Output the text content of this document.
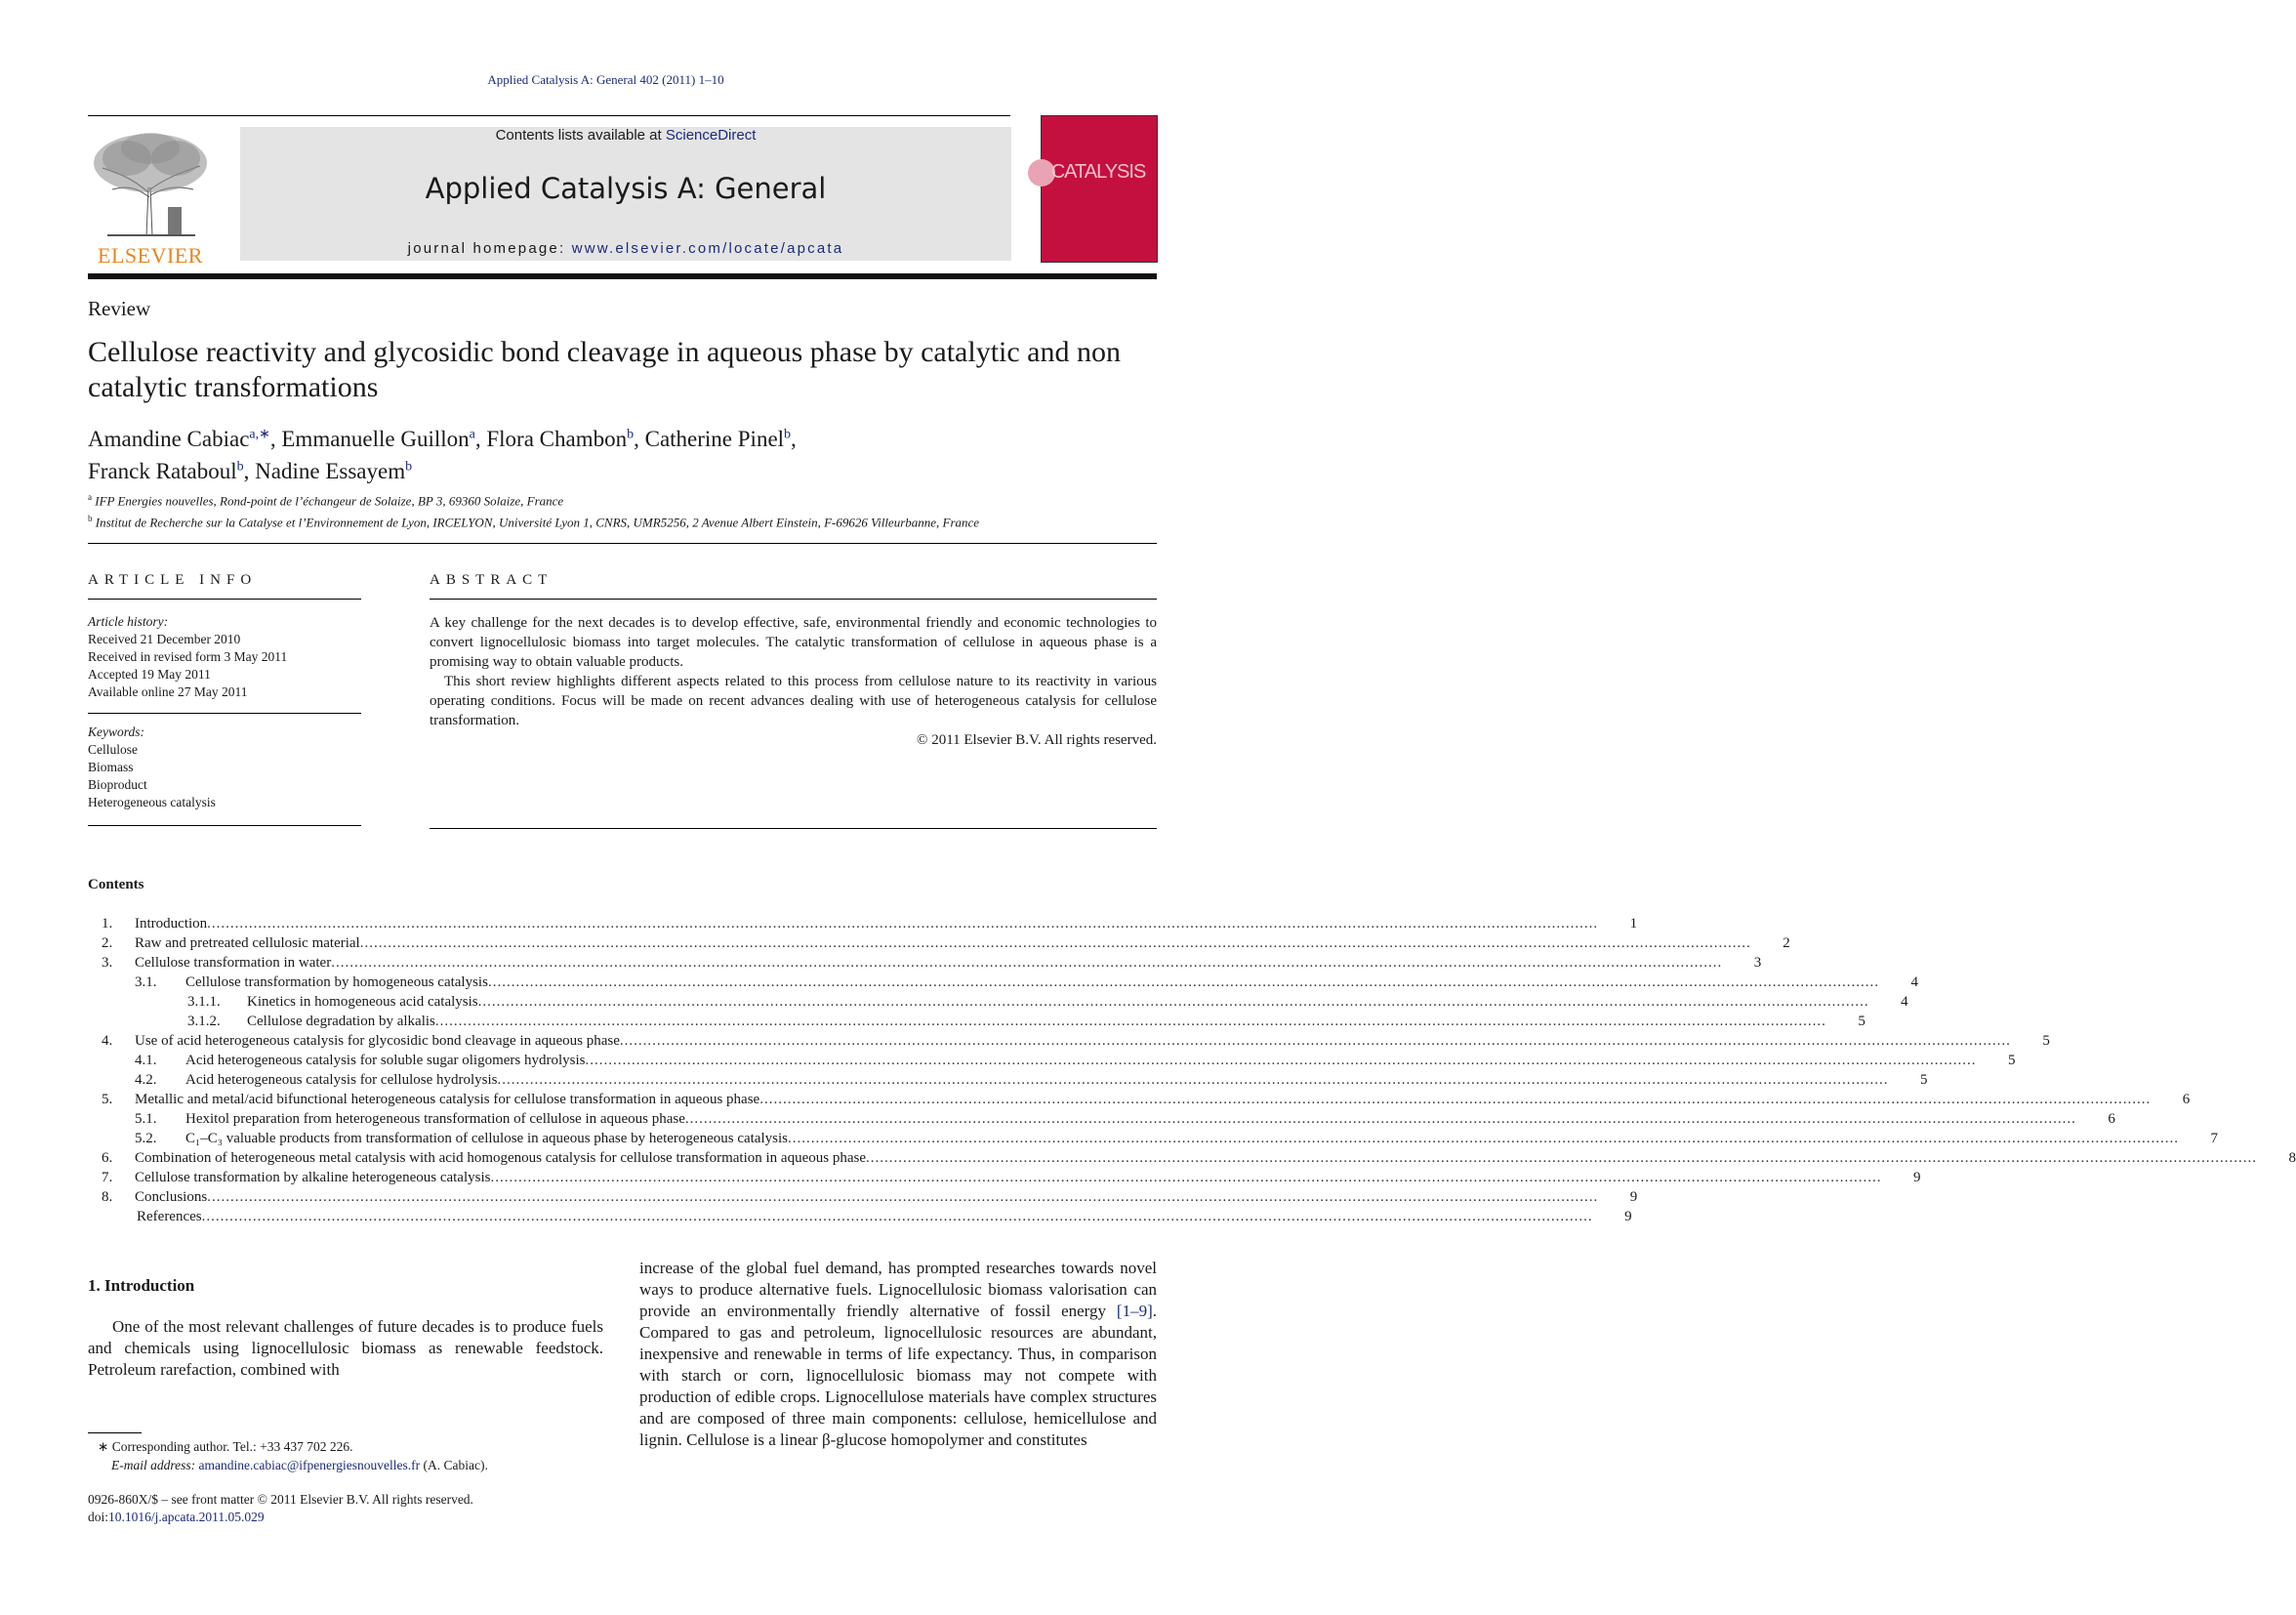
Applied Catalysis A: General 402 (2011) 1–10
ELSEVIER
Contents lists available at ScienceDirect
Applied Catalysis A: General
journal homepage: www.elsevier.com/locate/apcata
CATALYSIS
Review
Cellulose reactivity and glycosidic bond cleavage in aqueous phase by catalytic and non catalytic transformations
Amandine Cabiac$^{a,∗}$, Emmanuelle Guillon$^a$, Flora Chambon$^b$, Catherine Pinel$^b$,
Franck Rataboul$^b$, Nadine Essayem$^b$
$^a$ IFP Energies nouvelles, Rond-point de l’échangeur de Solaize, BP 3, 69360 Solaize, France
$^b$ Institut de Recherche sur la Catalyse et l’Environnement de Lyon, IRCELYON, Université Lyon 1, CNRS, UMR5256, 2 Avenue Albert Einstein, F-69626 Villeurbanne, France
ARTICLE INFO	ABSTRACT
Article history:
Received 21 December 2010
Received in revised form 3 May 2011
Accepted 19 May 2011
Available online 27 May 2011
Keywords:
Cellulose
Biomass
Bioproduct
Heterogeneous catalysis

A key challenge for the next decades is to develop effective, safe, environmental friendly and economic technologies to convert lignocellulosic biomass into target molecules. The catalytic transformation of cellulose in aqueous phase is a promising way to obtain valuable products.

This short review highlights different aspects related to this process from cellulose nature to its reactivity in various operating conditions. Focus will be made on recent advances dealing with use of heterogeneous catalysis for cellulose transformation.

© 2011 Elsevier B.V. All rights reserved.

Contents
1.	Introduction ............................................................................................................................................................................................................................................................................................................	1
2.	Raw and pretreated cellulosic material ............................................................................................................................................................................................................................................................................................................	2
3.	Cellulose transformation in water ............................................................................................................................................................................................................................................................................................................	3
3.1.	Cellulose transformation by homogeneous catalysis ............................................................................................................................................................................................................................................................................................................	4
3.1.1.	Kinetics in homogeneous acid catalysis ............................................................................................................................................................................................................................................................................................................	4
3.1.2.	Cellulose degradation by alkalis ............................................................................................................................................................................................................................................................................................................	5
4.	Use of acid heterogeneous catalysis for glycosidic bond cleavage in aqueous phase ............................................................................................................................................................................................................................................................................................................	5
4.1.	Acid heterogeneous catalysis for soluble sugar oligomers hydrolysis ............................................................................................................................................................................................................................................................................................................	5
4.2.	Acid heterogeneous catalysis for cellulose hydrolysis ............................................................................................................................................................................................................................................................................................................	5
5.	Metallic and metal/acid bifunctional heterogeneous catalysis for cellulose transformation in aqueous phase ............................................................................................................................................................................................................................................................................................................	6
5.1.	Hexitol preparation from heterogeneous transformation of cellulose in aqueous phase ............................................................................................................................................................................................................................................................................................................	6
5.2.	C₁–C₃ valuable products from transformation of cellulose in aqueous phase by heterogeneous catalysis ............................................................................................................................................................................................................................................................................................................	7
6.	Combination of heterogeneous metal catalysis with acid homogenous catalysis for cellulose transformation in aqueous phase ............................................................................................................................................................................................................................................................................................................	8
7.	Cellulose transformation by alkaline heterogeneous catalysis ............................................................................................................................................................................................................................................................................................................	9
8.	Conclusions ............................................................................................................................................................................................................................................................................................................	9
References ............................................................................................................................................................................................................................................................................................................	9
1. Introduction

One of the most relevant challenges of future decades is to produce fuels and chemicals using lignocellulosic biomass as renewable feedstock. Petroleum rarefaction, combined with

increase of the global fuel demand, has prompted researches towards novel ways to produce alternative fuels. Lignocellulosic biomass valorisation can provide an environmentally friendly alternative of fossil energy [1–9]. Compared to gas and petroleum, lignocellulosic resources are abundant, inexpensive and renewable in terms of life expectancy. Thus, in comparison with starch or corn, lignocellulosic biomass may not compete with production of edible crops. Lignocellulose materials have complex structures and are composed of three main components: cellulose, hemicellulose and lignin. Cellulose is a linear β-glucose homopolymer and constitutes

∗ Corresponding author. Tel.: +33 437 702 226.
E-mail address: amandine.cabiac@ifpenergiesnouvelles.fr (A. Cabiac).
0926-860X/$ – see front matter © 2011 Elsevier B.V. All rights reserved.
doi:10.1016/j.apcata.2011.05.029
